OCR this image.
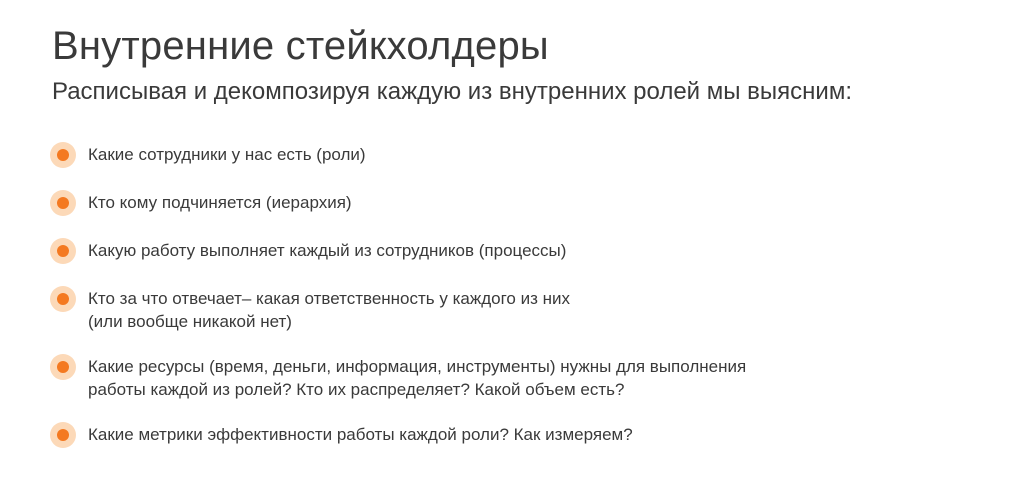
Внутренние стейкхолдеры

Расписывая и декомпозируя каждую из внутренних ролей мы выясним:

Какие сотрудники у нас есть (роли)
Кто кому подчиняется (иерархия)
Какую работу выполняет каждый из сотрудников (процессы)
Кто за что отвечает– какая ответственность у каждого из них
(или вообще никакой нет)
Какие ресурсы (время, деньги, информация, инструменты) нужны для выполнения
работы каждой из ролей? Кто их распределяет? Какой объем есть?
Какие метрики эффективности работы каждой роли? Как измеряем?
